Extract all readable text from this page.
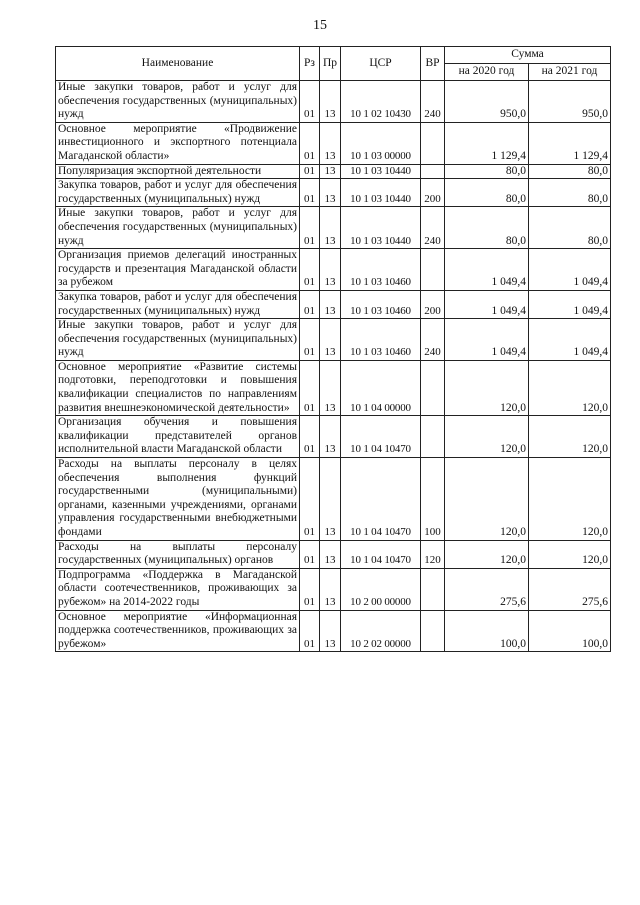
15
Наименование	Рз	Пр	ЦСР	ВР	Сумма	
					на 2020 год	на 2021 год
Иные закупки товаров, работ и услуг для обеспечения государственных (муниципальных) нужд	01	13	10 1 02 10430	240	950,0	950,0
Основное мероприятие «Продвижение инвестиционного и экспортного потенциала Магаданской области»	01	13	10 1 03 00000		1 129,4	1 129,4
Популяризация экспортной деятельности	01	13	10 1 03 10440		80,0	80,0
Закупка товаров, работ и услуг для обеспечения государственных (муниципальных) нужд	01	13	10 1 03 10440	200	80,0	80,0
Иные закупки товаров, работ и услуг для обеспечения государственных (муниципальных) нужд	01	13	10 1 03 10440	240	80,0	80,0
Организация приемов делегаций иностранных государств и презентация Магаданской области за рубежом	01	13	10 1 03 10460		1 049,4	1 049,4
Закупка товаров, работ и услуг для обеспечения государственных (муниципальных) нужд	01	13	10 1 03 10460	200	1 049,4	1 049,4
Иные закупки товаров, работ и услуг для обеспечения государственных (муниципальных) нужд	01	13	10 1 03 10460	240	1 049,4	1 049,4
Основное мероприятие «Развитие системы подготовки, переподготовки и повышения квалификации специалистов по направлениям развития внешнеэкономической деятельности»	01	13	10 1 04 00000		120,0	120,0
Организация обучения и повышения квалификации представителей органов исполнительной власти Магаданской области	01	13	10 1 04 10470		120,0	120,0
Расходы на выплаты персоналу в целях обеспечения выполнения функций государственными (муниципальными) органами, казенными учреждениями, органами управления государственными внебюджетными фондами	01	13	10 1 04 10470	100	120,0	120,0
Расходы на выплаты персоналу государственных (муниципальных) органов	01	13	10 1 04 10470	120	120,0	120,0
Подпрограмма «Поддержка в Магаданской области соотечественников, проживающих за рубежом» на 2014-2022 годы	01	13	10 2 00 00000		275,6	275,6
Основное мероприятие «Информационная поддержка соотечественников, проживающих за рубежом»	01	13	10 2 02 00000		100,0	100,0
